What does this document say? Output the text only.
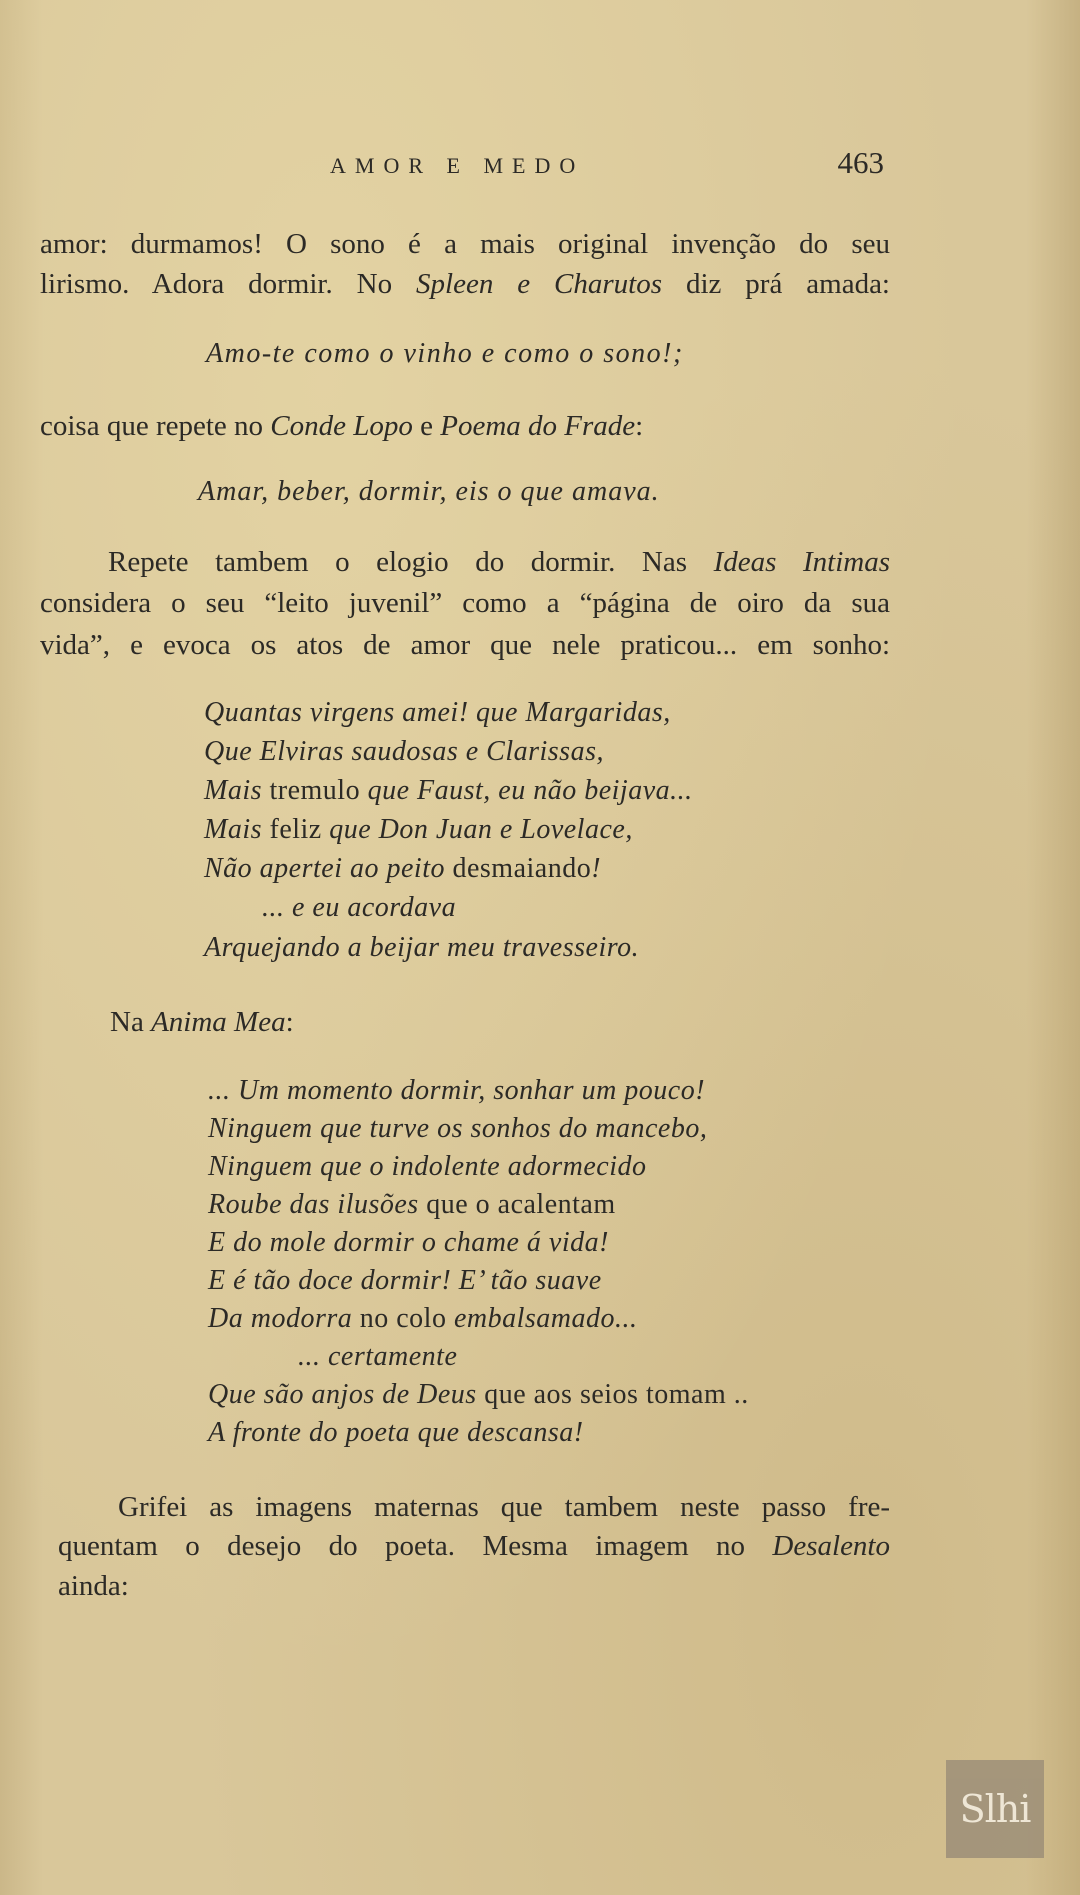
AMOR E MEDO	463
amor: durmamos! O sono é a mais original invenção do seu
lirismo. Adora dormir. No Spleen e Charutos diz prá amada:
Amo-te como o vinho e como o sono!;
coisa que repete no Conde Lopo e Poema do Frade:
Amar, beber, dormir, eis o que amava.
Repete tambem o elogio do dormir. Nas Ideas Intimas
considera o seu “leito juvenil” como a “página de oiro da sua
vida”, e evoca os atos de amor que nele praticou... em sonho:
Quantas virgens amei! que Margaridas,
Que Elviras saudosas e Clarissas,
Mais tremulo que Faust, eu não beijava...
Mais feliz que Don Juan e Lovelace,
Não apertei ao peito desmaiando!
... e eu acordava
Arquejando a beijar meu travesseiro.
Na Anima Mea:
... Um momento dormir, sonhar um pouco!
Ninguem que turve os sonhos do mancebo,
Ninguem que o indolente adormecido
Roube das ilusões que o acalentam
E do mole dormir o chame á vida!
E é tão doce dormir! E’ tão suave
Da modorra no colo embalsamado...
... certamente
Que são anjos de Deus que aos seios tomam ..
A fronte do poeta que descansa!
Grifei as imagens maternas que tambem neste passo fre-
quentam o desejo do poeta. Mesma imagem no Desalento
ainda:
Slhi
